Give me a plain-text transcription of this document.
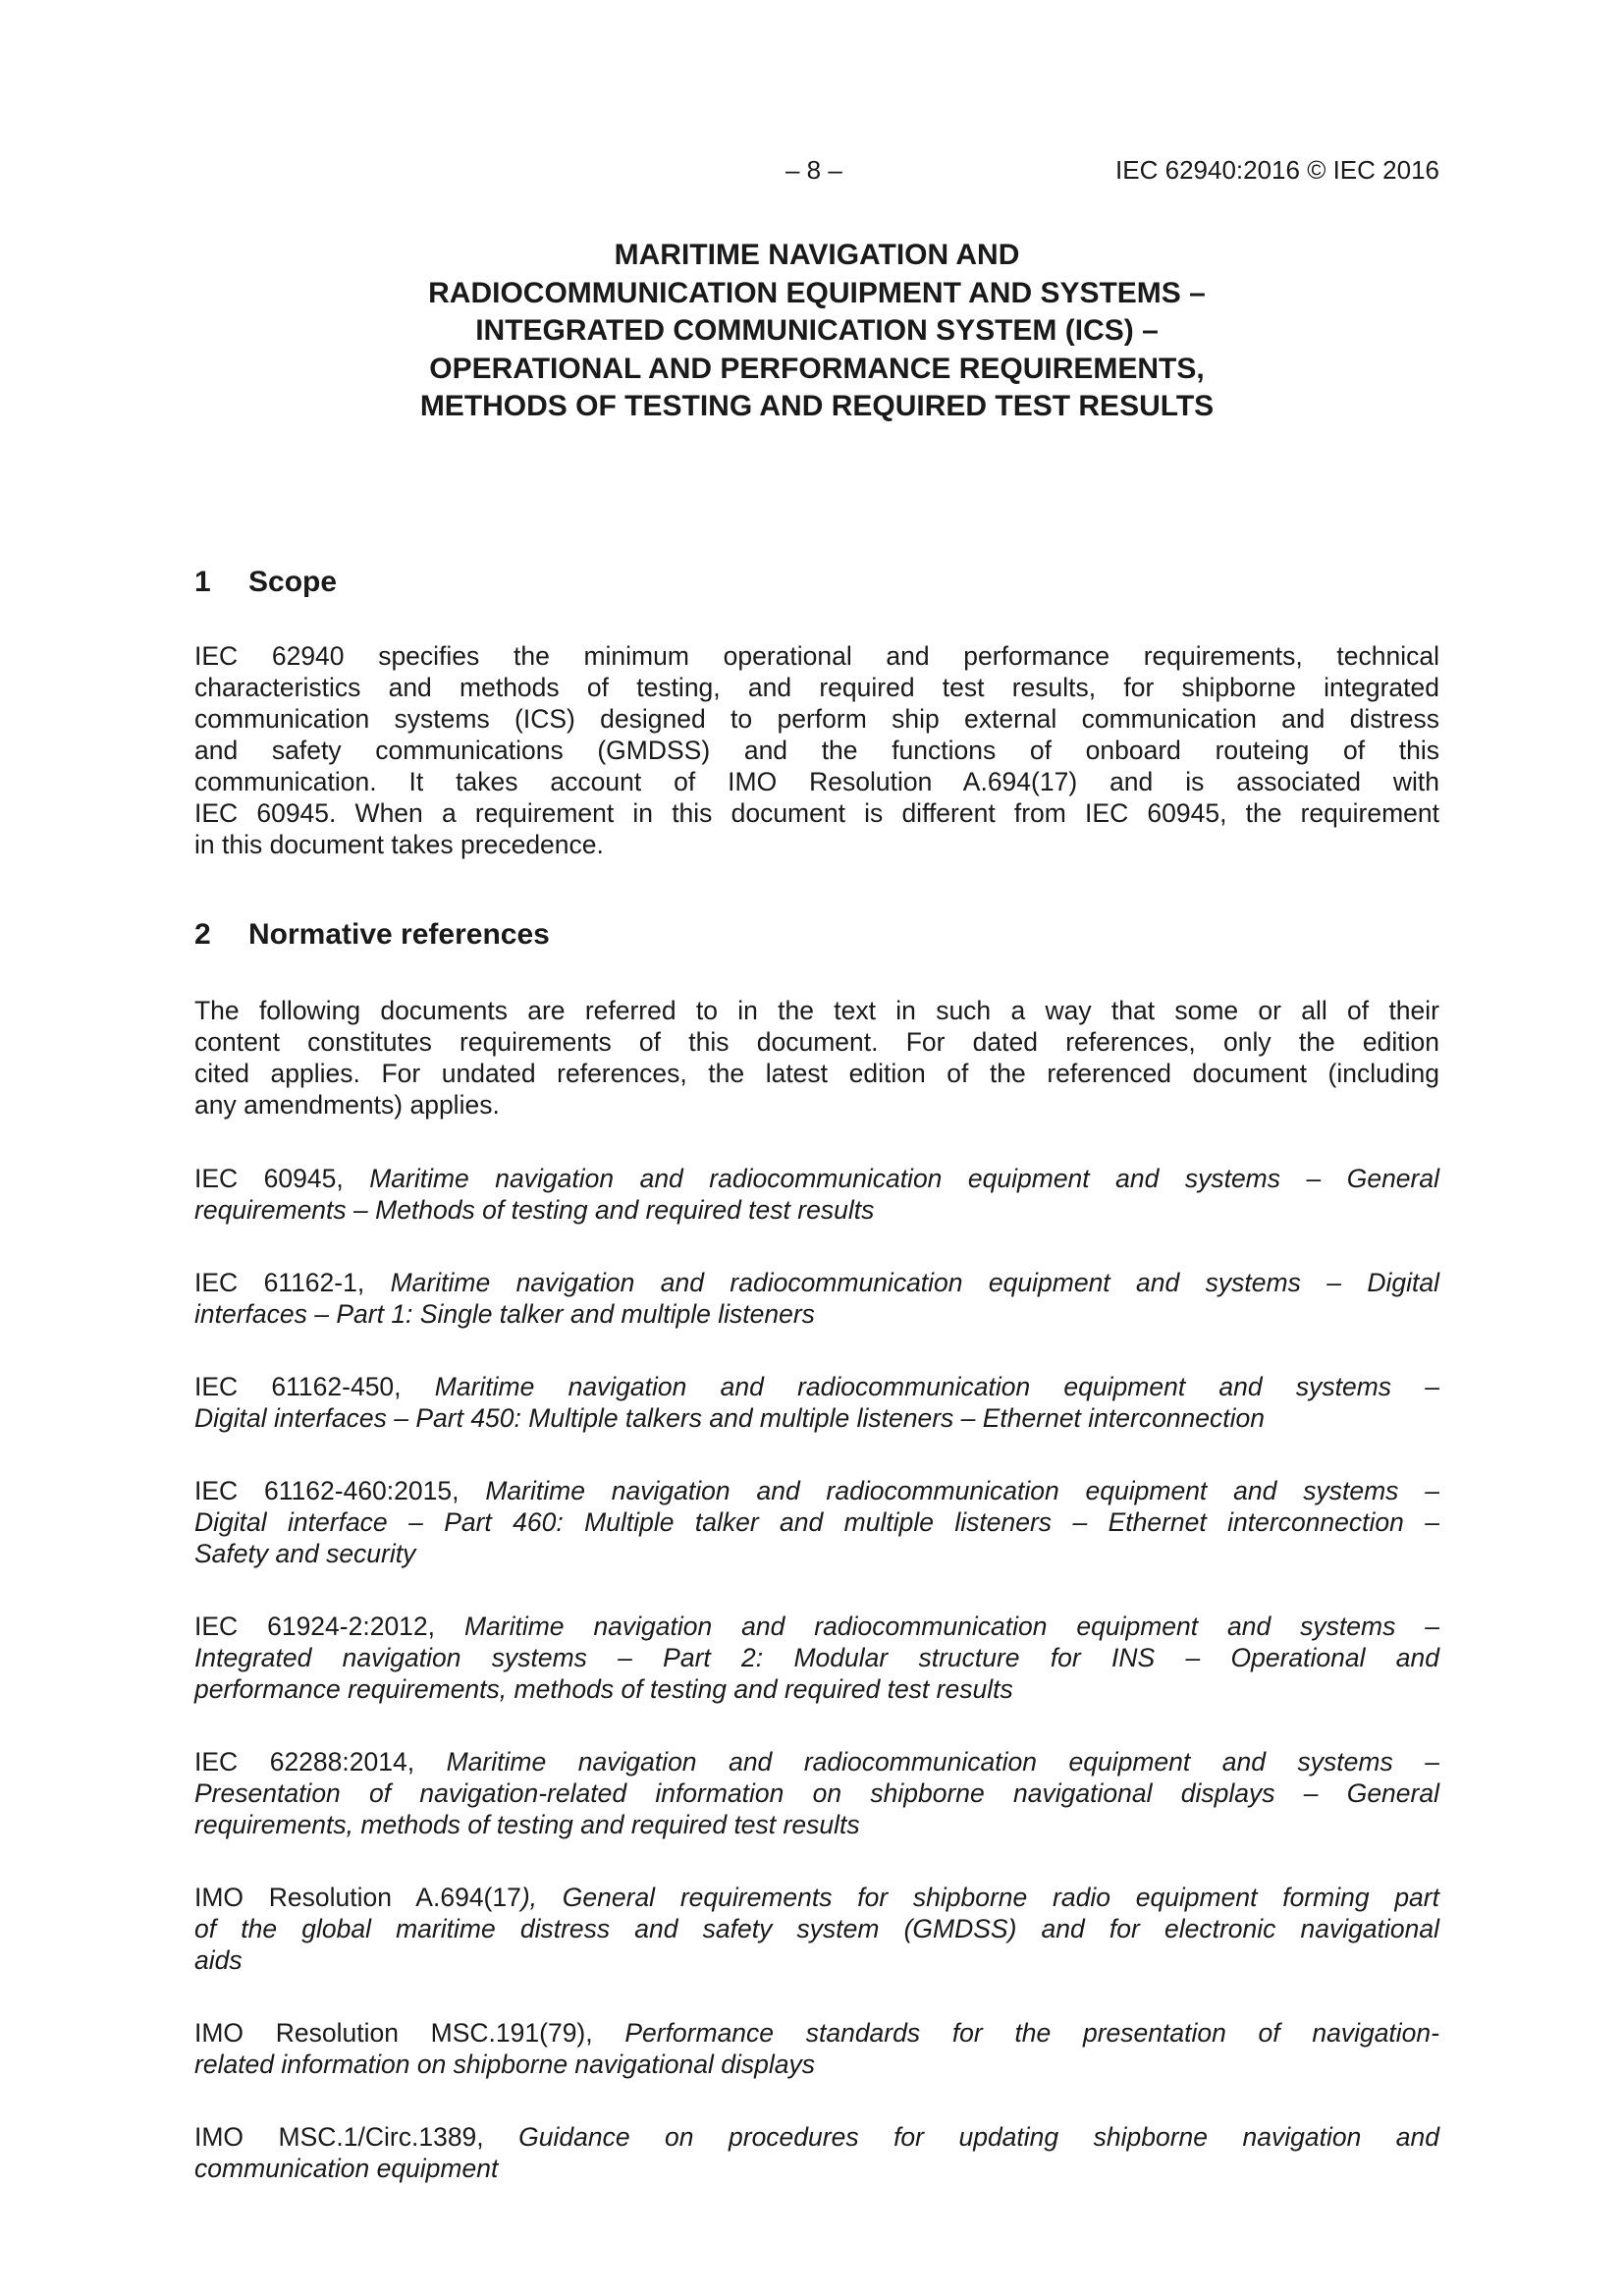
– 8 –	IEC 62940:2016 © IEC 2016
MARITIME NAVIGATION AND
RADIOCOMMUNICATION EQUIPMENT AND SYSTEMS –
INTEGRATED COMMUNICATION SYSTEM (ICS) –
OPERATIONAL AND PERFORMANCE REQUIREMENTS,
METHODS OF TESTING AND REQUIRED TEST RESULTS
1 Scope
IEC 62940 specifies the minimum operational and performance requirements, technical
characteristics and methods of testing, and required test results, for shipborne integrated
communication systems (ICS) designed to perform ship external communication and distress
and safety communications (GMDSS) and the functions of onboard routeing of this
communication. It takes account of IMO Resolution A.694(17) and is associated with
IEC 60945. When a requirement in this document is different from IEC 60945, the requirement
in this document takes precedence.
2 Normative references
The following documents are referred to in the text in such a way that some or all of their
content constitutes requirements of this document. For dated references, only the edition
cited applies. For undated references, the latest edition of the referenced document (including
any amendments) applies.
IEC 60945, Maritime navigation and radiocommunication equipment and systems – General
requirements – Methods of testing and required test results
IEC 61162-1, Maritime navigation and radiocommunication equipment and systems – Digital
interfaces – Part 1: Single talker and multiple listeners
IEC 61162-450, Maritime navigation and radiocommunication equipment and systems –
Digital interfaces – Part 450: Multiple talkers and multiple listeners – Ethernet interconnection
IEC 61162-460:2015, Maritime navigation and radiocommunication equipment and systems –
Digital interface – Part 460: Multiple talker and multiple listeners – Ethernet interconnection –
Safety and security
IEC 61924-2:2012, Maritime navigation and radiocommunication equipment and systems –
Integrated navigation systems – Part 2: Modular structure for INS – Operational and
performance requirements, methods of testing and required test results
IEC 62288:2014, Maritime navigation and radiocommunication equipment and systems –
Presentation of navigation-related information on shipborne navigational displays – General
requirements, methods of testing and required test results
IMO Resolution A.694(17), General requirements for shipborne radio equipment forming part
of the global maritime distress and safety system (GMDSS) and for electronic navigational
aids
IMO Resolution MSC.191(79), Performance standards for the presentation of navigation-
related information on shipborne navigational displays
IMO MSC.1/Circ.1389, Guidance on procedures for updating shipborne navigation and
communication equipment
